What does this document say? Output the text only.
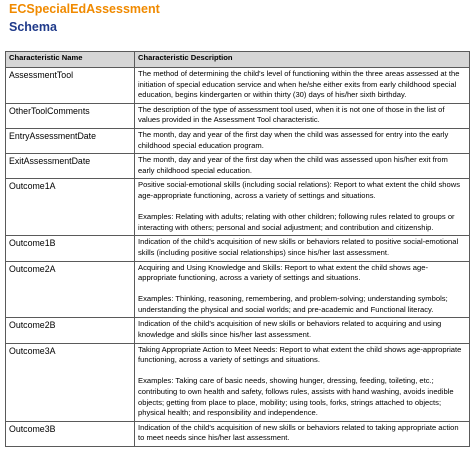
ECSpecialEdAssessment
Schema
Characteristic Name	Characteristic Description
AssessmentTool	The method of determining the child's level of functioning within the three areas assessed at the initiation of special education service and when he/she either exits from early childhood special education, begins kindergarten or within thirty (30) days of his/her sixth birthday.

OtherToolComments	The description of the type of assessment tool used, when it is not one of those in the list of values provided in the Assessment Tool characteristic.

EntryAssessmentDate	The month, day and year of the first day when the child was assessed for entry into the early childhood special education program.

ExitAssessmentDate	The month, day and year of the first day when the child was assessed upon his/her exit from early childhood special education.

Outcome1A	Positive social-emotional skills (including social relations): Report to what extent the child shows age-appropriate functioning, across a variety of settings and situations.

Examples: Relating with adults; relating with other children; following rules related to groups or interacting with others; personal and social adjustment; and contribution and citizenship.

Outcome1B	Indication of the child's acquisition of new skills or behaviors related to positive social-emotional skills (including positive social relationships) since his/her last assessment.

Outcome2A	Acquiring and Using Knowledge and Skills: Report to what extent the child shows age-appropriate functioning, across a variety of settings and situations.

Examples: Thinking, reasoning, remembering, and problem-solving; understanding symbols; understanding the physical and social worlds; and pre-academic and Functional literacy.

Outcome2B	Indication of the child's acquisition of new skills or behaviors related to acquiring and using knowledge and skills since his/her last assessment.

Outcome3A	Taking Appropriate Action to Meet Needs: Report to what extent the child shows age-appropriate functioning, across a variety of settings and situations.

Examples: Taking care of basic needs, showing hunger, dressing, feeding, toileting, etc.; contributing to own health and safety, follows rules, assists with hand washing, avoids inedible objects; getting from place to place, mobility; using tools, forks, strings attached to objects; physical health; and responsibility and independence.

Outcome3B	Indication of the child's acquisition of new skills or behaviors related to taking appropriate action to meet needs since his/her last assessment.
